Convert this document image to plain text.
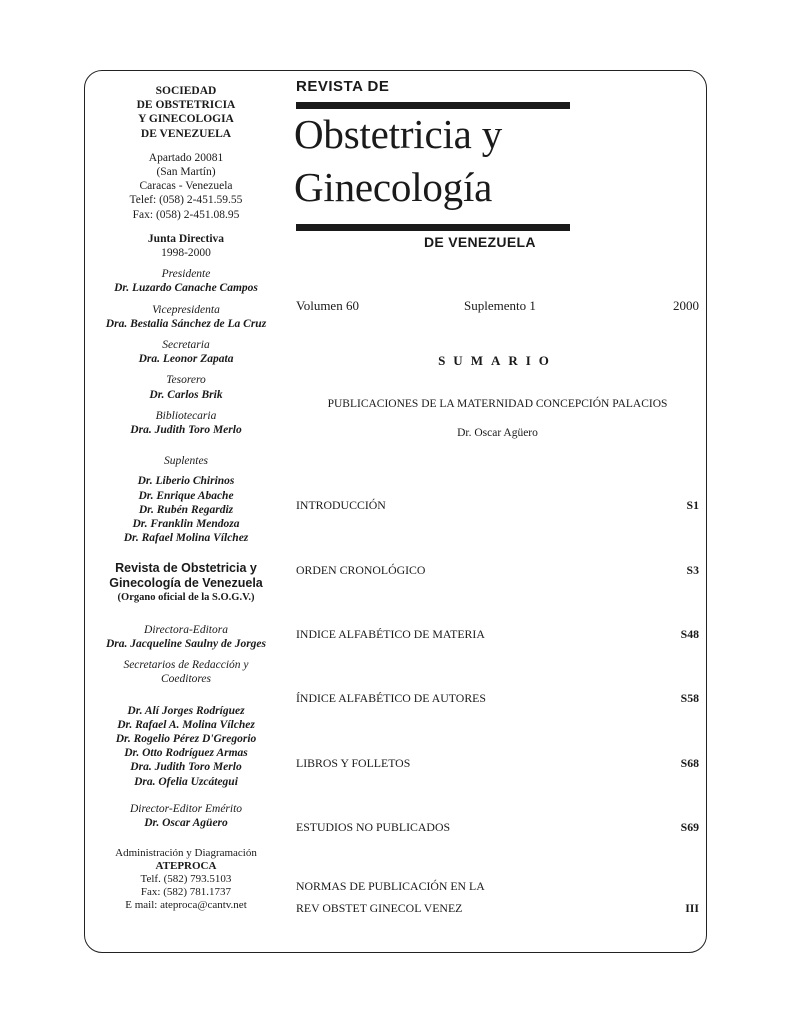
SOCIEDAD
DE OBSTETRICIA
Y GINECOLOGIA
DE VENEZUELA
Apartado 20081
(San Martín)
Caracas - Venezuela
Telef: (058) 2-451.59.55
Fax: (058) 2-451.08.95
Junta Directiva
1998-2000
Presidente
Dr. Luzardo Canache Campos
Vicepresidenta
Dra. Bestalia Sánchez de La Cruz
Secretaria
Dra. Leonor Zapata
Tesorero
Dr. Carlos Brik
Bibliotecaria
Dra. Judith Toro Merlo
Suplentes
Dr. Liberio Chirinos
Dr. Enrique Abache
Dr. Rubén Regardiz
Dr. Franklin Mendoza
Dr. Rafael Molina Vílchez
Revista de Obstetricia y
Ginecología de Venezuela
(Organo oficial de la S.O.G.V.)
Directora-Editora
Dra. Jacqueline Saulny de Jorges
Secretarios de Redacción y
Coeditores
Dr. Alí Jorges Rodríguez
Dr. Rafael A. Molina Vílchez
Dr. Rogelio Pérez D'Gregorio
Dr. Otto Rodríguez Armas
Dra. Judith Toro Merlo
Dra. Ofelia Uzcátegui
Director-Editor Emérito
Dr. Oscar Agüero
Administración y Diagramación
ATEPROCA
Telf. (582) 793.5103
Fax: (582) 781.1737
E mail: ateproca@cantv.net
REVISTA DE
Obstetricia y
Ginecología
DE VENEZUELA
Volumen 60	Suplemento 1	2000
SUMARIO
PUBLICACIONES DE LA MATERNIDAD CONCEPCIÓN PALACIOS
Dr. Oscar Agüero
INTRODUCCIÓN	S1
ORDEN CRONOLÓGICO	S3
INDICE ALFABÉTICO DE MATERIA	S48
ÍNDICE ALFABÉTICO DE AUTORES	S58
LIBROS Y FOLLETOS	S68
ESTUDIOS NO PUBLICADOS	S69
NORMAS DE PUBLICACIÓN EN LA
REV OBSTET GINECOL VENEZ	III
